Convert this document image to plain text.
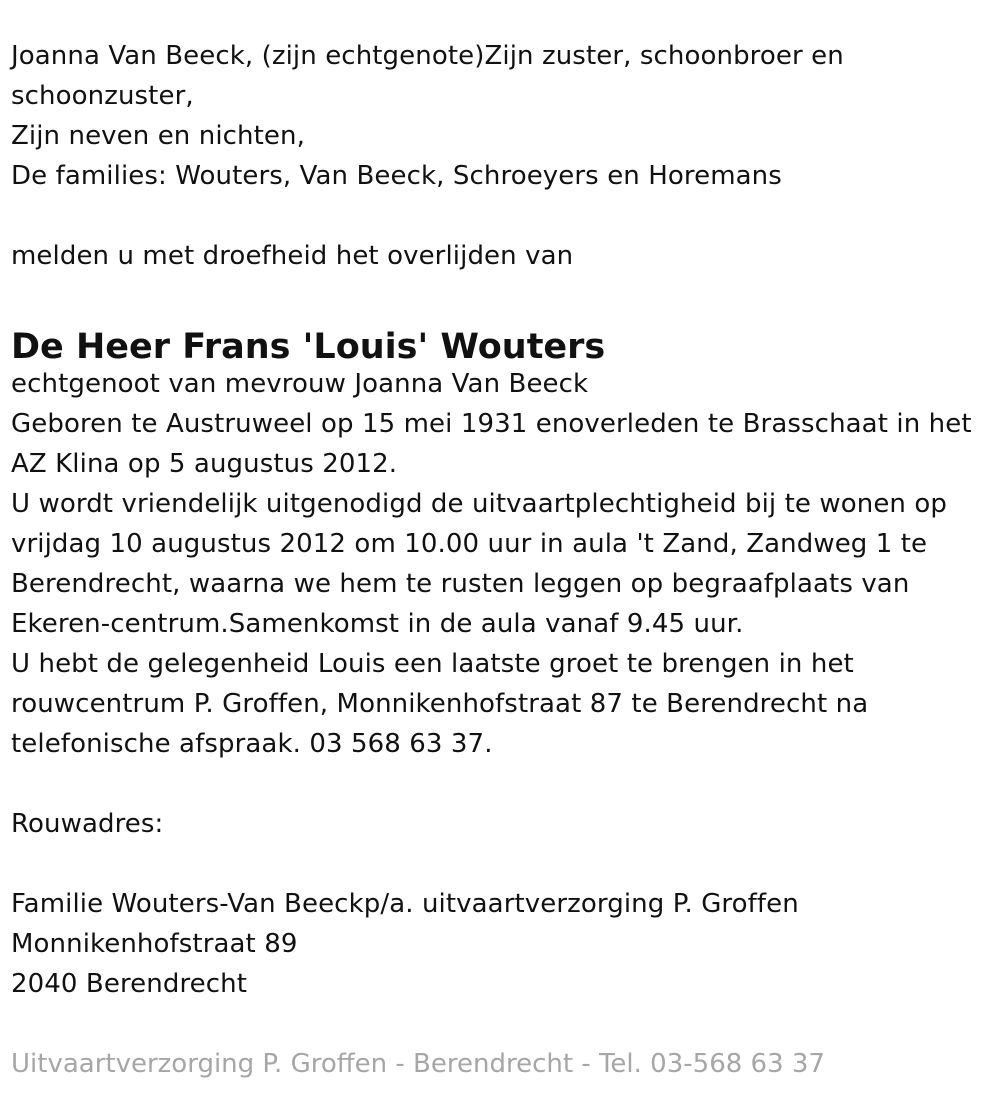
Joanna Van Beeck, (zijn echtgenote)Zijn zuster, schoonbroer en
schoonzuster,
Zijn neven en nichten,
De families: Wouters, Van Beeck, Schroeyers en Horemans
melden u met droefheid het overlijden van
De Heer Frans 'Louis' Wouters
echtgenoot van mevrouw Joanna Van Beeck
Geboren te Austruweel op 15 mei 1931 enoverleden te Brasschaat in het
AZ Klina op 5 augustus 2012.
U wordt vriendelijk uitgenodigd de uitvaartplechtigheid bij te wonen op
vrijdag 10 augustus 2012 om 10.00 uur in aula 't Zand, Zandweg 1 te
Berendrecht, waarna we hem te rusten leggen op begraafplaats van
Ekeren-centrum.Samenkomst in de aula vanaf 9.45 uur.
U hebt de gelegenheid Louis een laatste groet te brengen in het
rouwcentrum P. Groffen, Monnikenhofstraat 87 te Berendrecht na
telefonische afspraak. 03 568 63 37.
Rouwadres:
Familie Wouters-Van Beeckp/a. uitvaartverzorging P. Groffen
Monnikenhofstraat 89
2040 Berendrecht
Uitvaartverzorging P. Groffen - Berendrecht - Tel. 03-568 63 37
